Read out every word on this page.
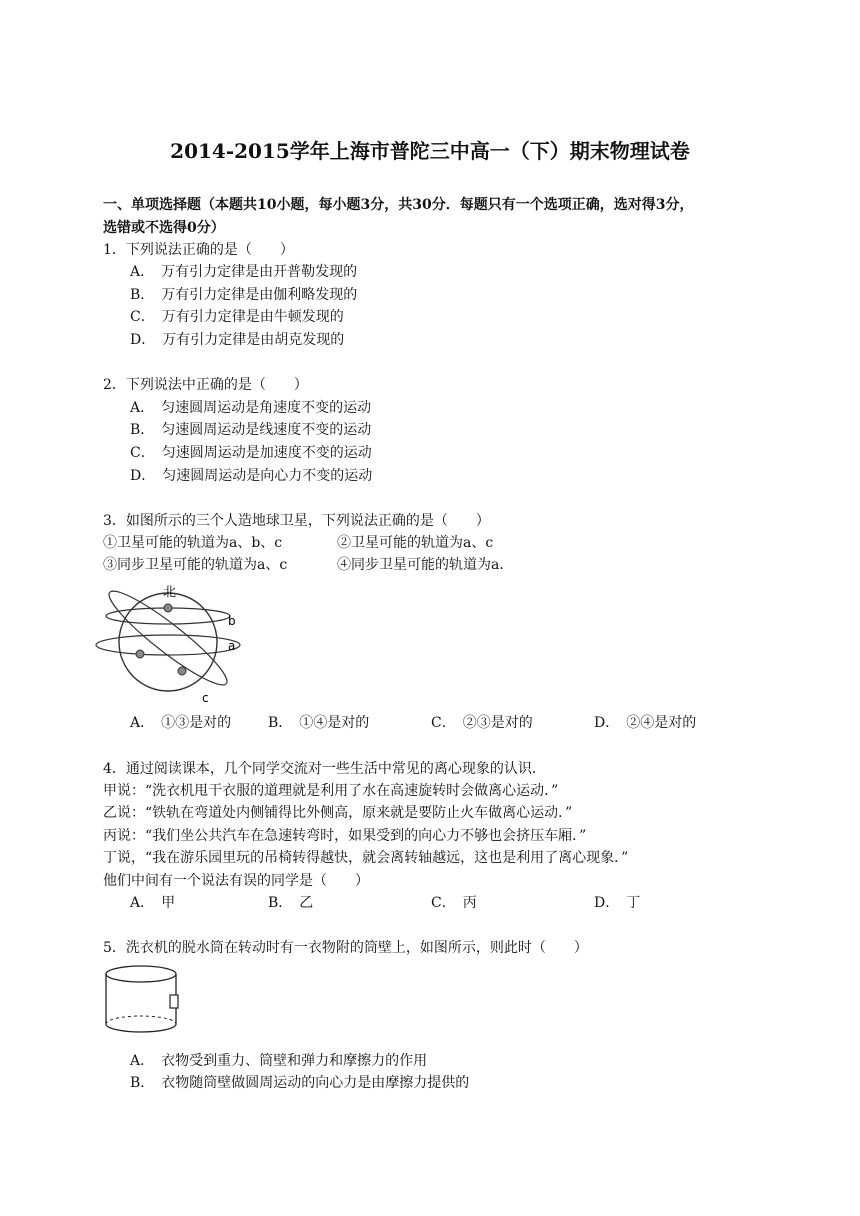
2014-2015学年上海市普陀三中高一（下）期末物理试卷
一、单项选择题（本题共10小题，每小题3分，共30分．每题只有一个选项正确，选对得3分，
选错或不选得0分）
1．下列说法正确的是（　　）
A．　万有引力定律是由开普勒发现的
B．　万有引力定律是由伽利略发现的
C．　万有引力定律是由牛顿发现的
D．　万有引力定律是由胡克发现的
2．下列说法中正确的是（　　）
A．　匀速圆周运动是角速度不变的运动
B．　匀速圆周运动是线速度不变的运动
C．　匀速圆周运动是加速度不变的运动
D．　匀速圆周运动是向心力不变的运动
3．如图所示的三个人造地球卫星，下列说法正确的是（　　）
①卫星可能的轨道为a、b、c	②卫星可能的轨道为a、c
③同步卫星可能的轨道为a、c	④同步卫星可能的轨道为a．
北
b
a
c
A．　①③是对的	B．　①④是对的	C．　②③是对的	D．　②④是对的
4．通过阅读课本，几个同学交流对一些生活中常见的离心现象的认识．
甲说：“洗衣机甩干衣服的道理就是利用了水在高速旋转时会做离心运动．”
乙说：“铁轨在弯道处内侧铺得比外侧高，原来就是要防止火车做离心运动．”
丙说：“我们坐公共汽车在急速转弯时，如果受到的向心力不够也会挤压车厢．”
丁说，“我在游乐园里玩的吊椅转得越快，就会离转轴越远，这也是利用了离心现象．”
他们中间有一个说法有误的同学是（　　）
A．　甲	B．　乙	C．　丙	D．　丁
5．洗衣机的脱水筒在转动时有一衣物附的筒壁上，如图所示，则此时（　　）
A．　衣物受到重力、筒壁和弹力和摩擦力的作用
B．　衣物随筒壁做圆周运动的向心力是由摩擦力提供的
